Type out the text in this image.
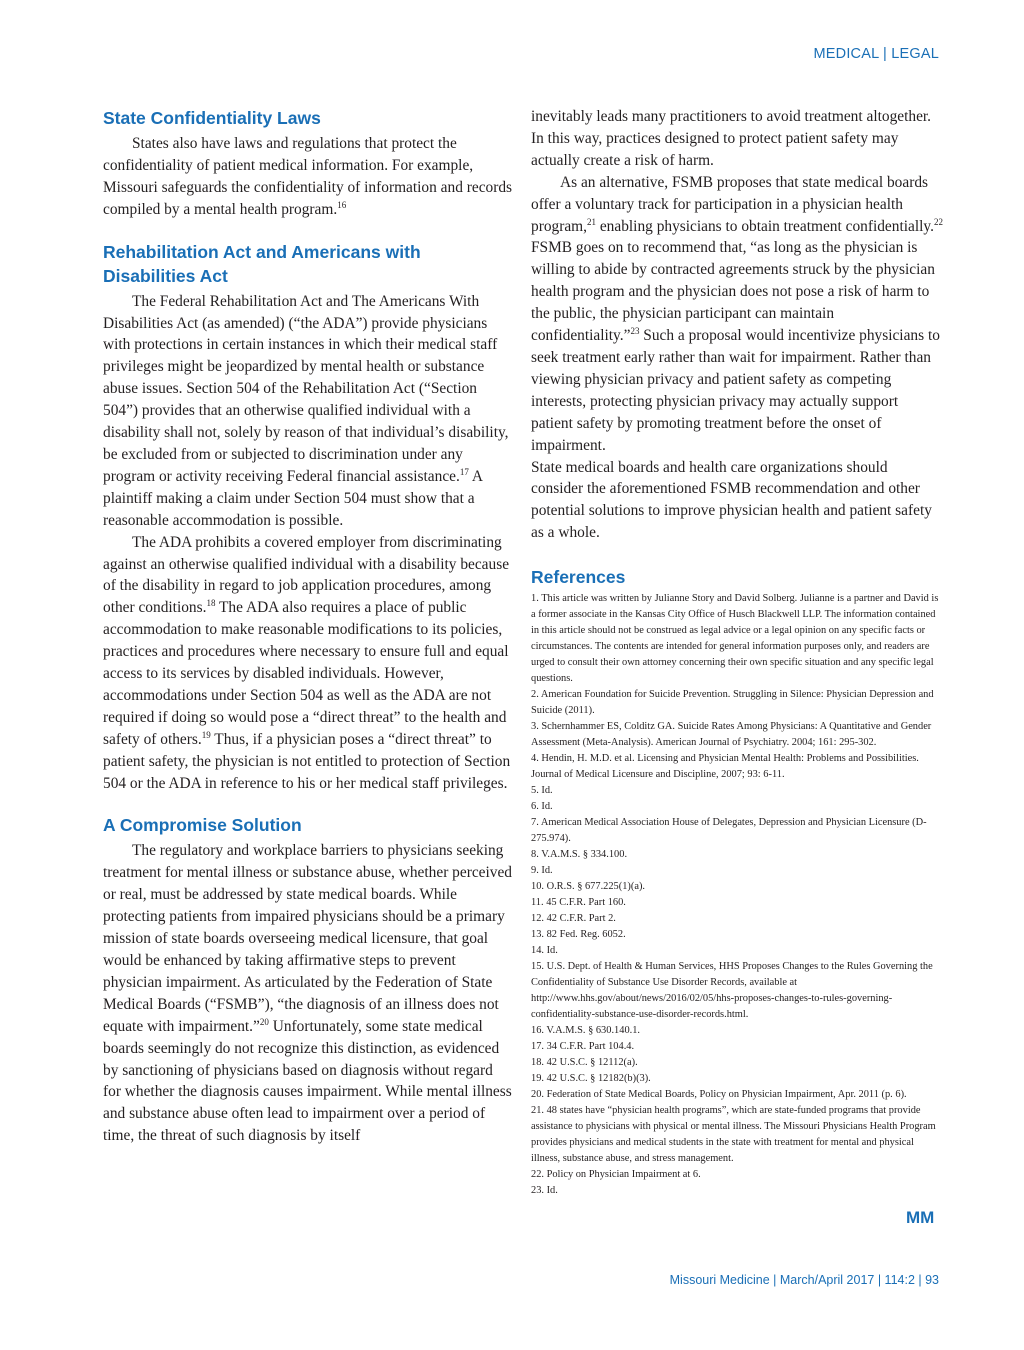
MEDICAL | LEGAL
State Confidentiality Laws

States also have laws and regulations that protect the confidentiality of patient medical information. For example, Missouri safeguards the confidentiality of information and records compiled by a mental health program.$^{16}$

Rehabilitation Act and Americans with Disabilities Act

The Federal Rehabilitation Act and The Americans With Disabilities Act (as amended) (“the ADA”) provide physicians with protections in certain instances in which their medical staff privileges might be jeopardized by mental health or substance abuse issues. Section 504 of the Rehabilitation Act (“Section 504”) provides that an otherwise qualified individual with a disability shall not, solely by reason of that individual’s disability, be excluded from or subjected to discrimination under any program or activity receiving Federal financial assistance.$^{17}$ A plaintiff making a claim under Section 504 must show that a reasonable accommodation is possible.

The ADA prohibits a covered employer from discriminating against an otherwise qualified individual with a disability because of the disability in regard to job application procedures, among other conditions.$^{18}$ The ADA also requires a place of public accommodation to make reasonable modifications to its policies, practices and procedures where necessary to ensure full and equal access to its services by disabled individuals. However, accommodations under Section 504 as well as the ADA are not required if doing so would pose a “direct threat” to the health and safety of others.$^{19}$ Thus, if a physician poses a “direct threat” to patient safety, the physician is not entitled to protection of Section 504 or the ADA in reference to his or her medical staff privileges.

A Compromise Solution

The regulatory and workplace barriers to physicians seeking treatment for mental illness or substance abuse, whether perceived or real, must be addressed by state medical boards. While protecting patients from impaired physicians should be a primary mission of state boards overseeing medical licensure, that goal would be enhanced by taking affirmative steps to prevent physician impairment. As articulated by the Federation of State Medical Boards (“FSMB”), “the diagnosis of an illness does not equate with impairment.”$^{20}$ Unfortunately, some state medical boards seemingly do not recognize this distinction, as evidenced by sanctioning of physicians based on diagnosis without regard for whether the diagnosis causes impairment. While mental illness and substance abuse often lead to impairment over a period of time, the threat of such diagnosis by itself

inevitably leads many practitioners to avoid treatment altogether. In this way, practices designed to protect patient safety may actually create a risk of harm.

As an alternative, FSMB proposes that state medical boards offer a voluntary track for participation in a physician health program,$^{21}$ enabling physicians to obtain treatment confidentially.$^{22}$ FSMB goes on to recommend that, “as long as the physician is willing to abide by contracted agreements struck by the physician health program and the physician does not pose a risk of harm to the public, the physician participant can maintain confidentiality.”$^{23}$ Such a proposal would incentivize physicians to seek treatment early rather than wait for impairment. Rather than viewing physician privacy and patient safety as competing interests, protecting physician privacy may actually support patient safety by promoting treatment before the onset of impairment.

State medical boards and health care organizations should consider the aforementioned FSMB recommendation and other potential solutions to improve physician health and patient safety as a whole.

References
1. This article was written by Julianne Story and David Solberg. Julianne is a partner and David is a former associate in the Kansas City Office of Husch Blackwell LLP. The information contained in this article should not be construed as legal advice or a legal opinion on any specific facts or circumstances. The contents are intended for general information purposes only, and readers are urged to consult their own attorney concerning their own specific situation and any specific legal questions.
2. American Foundation for Suicide Prevention. Struggling in Silence: Physician Depression and Suicide (2011).
3. Schernhammer ES, Colditz GA. Suicide Rates Among Physicians: A Quantitative and Gender Assessment (Meta-Analysis). American Journal of Psychiatry. 2004; 161: 295-302.
4. Hendin, H. M.D. et al. Licensing and Physician Mental Health: Problems and Possibilities. Journal of Medical Licensure and Discipline, 2007; 93: 6-11.
5. Id.
6. Id.
7. American Medical Association House of Delegates, Depression and Physician Licensure (D-275.974).
8. V.A.M.S. § 334.100.
9. Id.
10. O.R.S. § 677.225(1)(a).
11. 45 C.F.R. Part 160.
12. 42 C.F.R. Part 2.
13. 82 Fed. Reg. 6052.
14. Id.
15. U.S. Dept. of Health & Human Services, HHS Proposes Changes to the Rules Governing the Confidentiality of Substance Use Disorder Records, available at http://www.hhs.gov/about/news/2016/02/05/hhs-proposes-changes-to-rules-governing-confidentiality-substance-use-disorder-records.html.
16. V.A.M.S. § 630.140.1.
17. 34 C.F.R. Part 104.4.
18. 42 U.S.C. § 12112(a).
19. 42 U.S.C. § 12182(b)(3).
20. Federation of State Medical Boards, Policy on Physician Impairment, Apr. 2011 (p. 6).
21. 48 states have “physician health programs”, which are state-funded programs that provide assistance to physicians with physical or mental illness. The Missouri Physicians Health Program provides physicians and medical students in the state with treatment for mental and physical illness, substance abuse, and stress management.
22. Policy on Physician Impairment at 6.
23. Id.
MM
Missouri Medicine | March/April 2017 | 114:2 | 93
